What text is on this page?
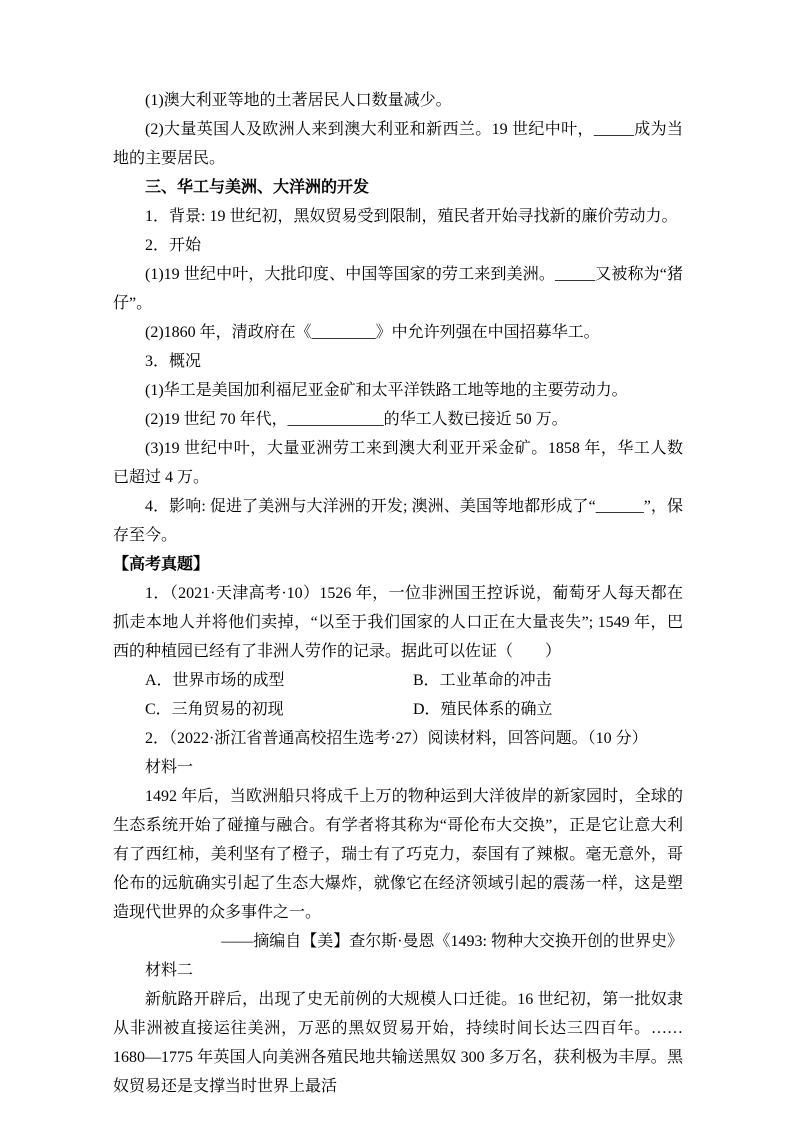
(1)澳大利亚等地的土著居民人口数量减少。
(2)大量英国人及欧洲人来到澳大利亚和新西兰。19 世纪中叶，_____成为当地的主要居民。
三、华工与美洲、大洋洲的开发
1．背景: 19 世纪初，黑奴贸易受到限制，殖民者开始寻找新的廉价劳动力。
2．开始
(1)19 世纪中叶，大批印度、中国等国家的劳工来到美洲。_____又被称为“猪仔”。
(2)1860 年，清政府在《________》中允许列强在中国招募华工。
3．概况
(1)华工是美国加利福尼亚金矿和太平洋铁路工地等地的主要劳动力。
(2)19 世纪 70 年代，____________的华工人数已接近 50 万。
(3)19 世纪中叶，大量亚洲劳工来到澳大利亚开采金矿。1858 年，华工人数已超过 4 万。
4．影响: 促进了美洲与大洋洲的开发; 澳洲、美国等地都形成了“______”，保存至今。
【高考真题】
1．（2021·天津高考·10）1526 年，一位非洲国王控诉说，葡萄牙人每天都在抓走本地人并将他们卖掉，“以至于我们国家的人口正在大量丧失”; 1549 年，巴西的种植园已经有了非洲人劳作的记录。据此可以佐证（　　）
A．世界市场的成型	B．工业革命的冲击
C．三角贸易的初现	D．殖民体系的确立
2．（2022·浙江省普通高校招生选考·27）阅读材料，回答问题。（10 分）
材料一
1492 年后，当欧洲船只将成千上万的物种运到大洋彼岸的新家园时，全球的生态系统开始了碰撞与融合。有学者将其称为“哥伦布大交换”，正是它让意大利有了西红柿，美利坚有了橙子，瑞士有了巧克力，泰国有了辣椒。毫无意外，哥伦布的远航确实引起了生态大爆炸，就像它在经济领域引起的震荡一样，这是塑造现代世界的众多事件之一。
——摘编自【美】查尔斯·曼恩《1493: 物种大交换开创的世界史》
材料二
新航路开辟后，出现了史无前例的大规模人口迁徙。16 世纪初，第一批奴隶从非洲被直接运往美洲，万恶的黑奴贸易开始，持续时间长达三四百年。……1680—1775 年英国人向美洲各殖民地共输送黑奴 300 多万名，获利极为丰厚。黑奴贸易还是支撑当时世界上最活
